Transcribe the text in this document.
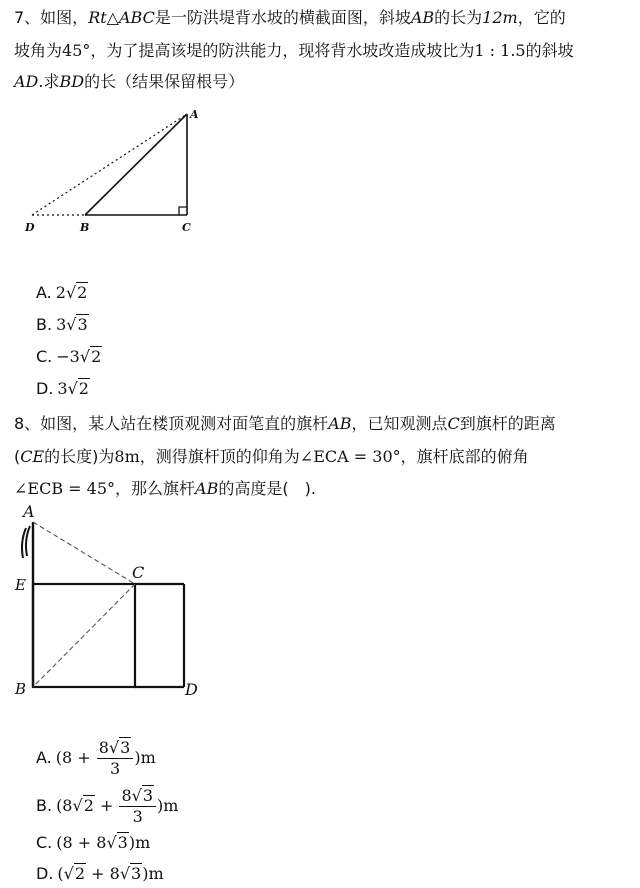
7、如图，Rt△ABC是一防洪堤背水坡的横截面图，斜坡AB的长为12m，它的
坡角为45°，为了提高该堤的防洪能力，现将背水坡改造成坡比为1 : 1.5的斜坡
AD.求BD的长（结果保留根号）
A
B	C
D
A. 2√2
B. 3√3
C. −3√2
D. 3√2
8、如图，某人站在楼顶观测对面笔直的旗杆AB，已知观测点C到旗杆的距离
(CE的长度)为8m，测得旗杆顶的仰角为∠ECA = 30°，旗杆底部的俯角
∠ECB = 45°，那么旗杆AB的高度是(　).
A
C
E
B	D
A. $(8 + \frac{8√3}{3} )m$
B. $(8√2 + \frac{8√3}{3} )m$
C. (8 + 8√3)m
D. (√2 + 8√3)m
